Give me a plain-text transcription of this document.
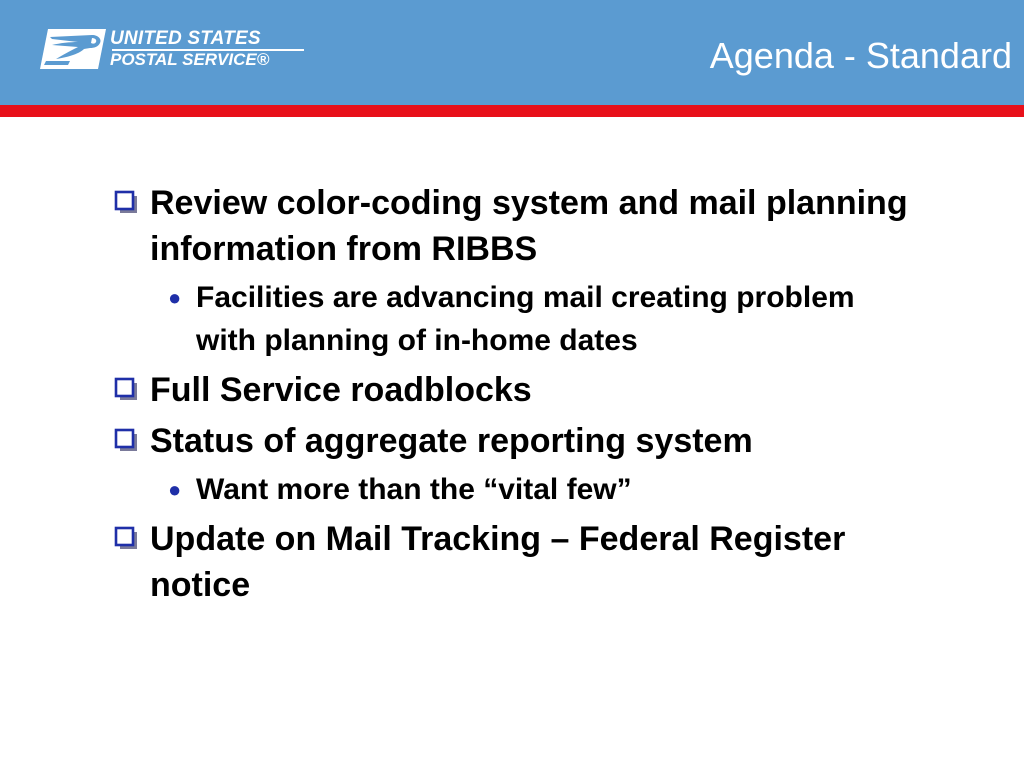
UNITED STATES
POSTAL SERVICE®	Agenda - Standard
Review color-coding system and mail planning information from RIBBS
● Facilities are advancing mail creating problem with planning of in-home dates
Full Service roadblocks
Status of aggregate reporting system
● Want more than the “vital few”
Update on Mail Tracking – Federal Register notice
